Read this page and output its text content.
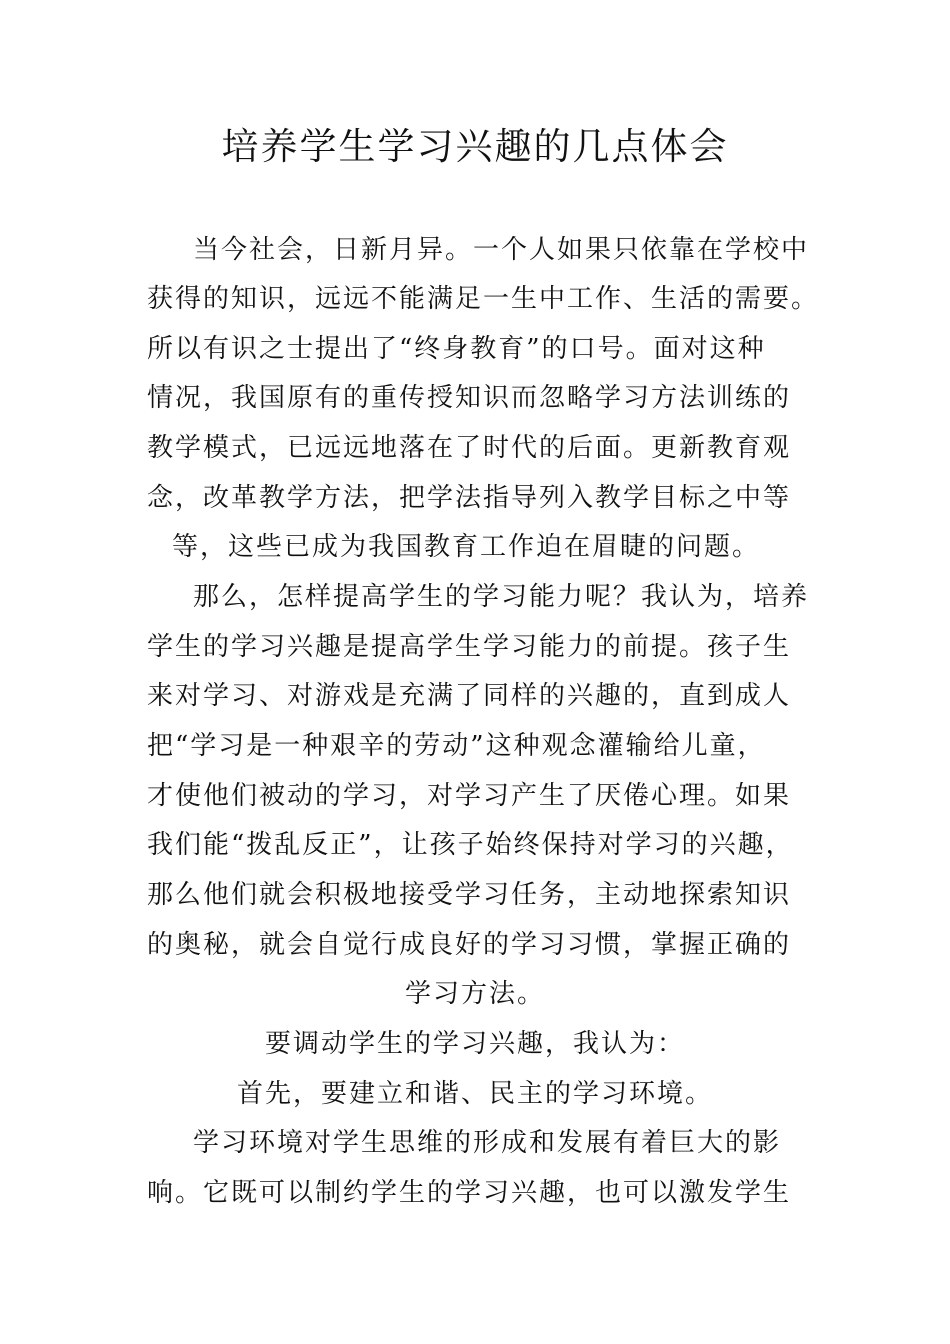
培养学生学习兴趣的几点体会
当今社会，日新月异。一个人如果只依靠在学校中
获得的知识，远远不能满足一生中工作、生活的需要。
所以有识之士提出了“终身教育”的口号。面对这种
情况，我国原有的重传授知识而忽略学习方法训练的
教学模式，已远远地落在了时代的后面。更新教育观
念，改革教学方法，把学法指导列入教学目标之中等
等，这些已成为我国教育工作迫在眉睫的问题。
那么，怎样提高学生的学习能力呢？我认为，培养
学生的学习兴趣是提高学生学习能力的前提。孩子生
来对学习、对游戏是充满了同样的兴趣的，直到成人
把“学习是一种艰辛的劳动”这种观念灌输给儿童，
才使他们被动的学习，对学习产生了厌倦心理。如果
我们能“拨乱反正”，让孩子始终保持对学习的兴趣，
那么他们就会积极地接受学习任务，主动地探索知识
的奥秘，就会自觉行成良好的学习习惯，掌握正确的
学习方法。
要调动学生的学习兴趣，我认为：
首先，要建立和谐、民主的学习环境。
学习环境对学生思维的形成和发展有着巨大的影
响。它既可以制约学生的学习兴趣，也可以激发学生
